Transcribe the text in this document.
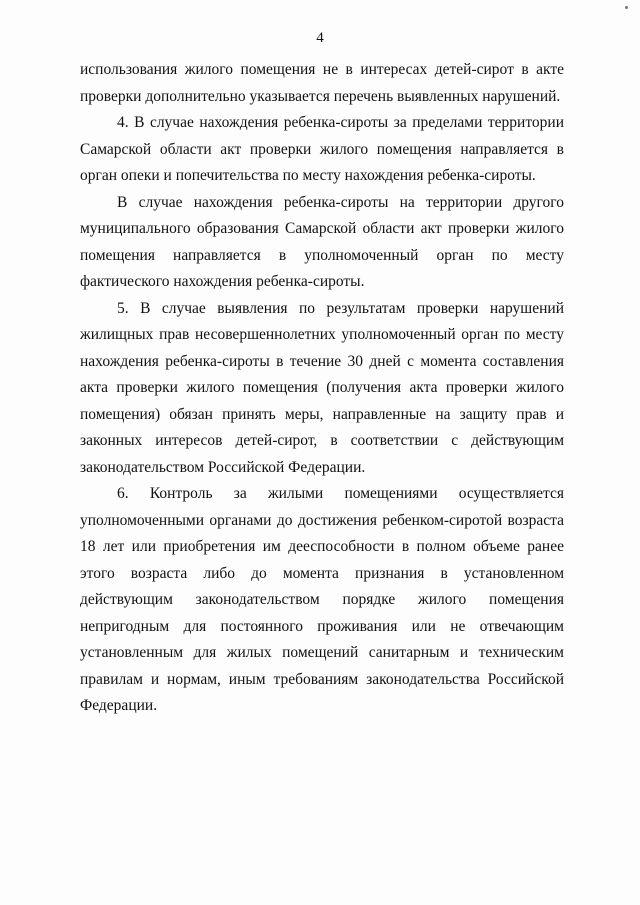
4

использования жилого помещения не в интересах детей-сирот в акте проверки дополнительно указывается перечень выявленных нарушений.

4. В случае нахождения ребенка-сироты за пределами территории Самарской области акт проверки жилого помещения направляется в орган опеки и попечительства по месту нахождения ребенка-сироты.

В случае нахождения ребенка-сироты на территории другого муниципального образования Самарской области акт проверки жилого помещения направляется в уполномоченный орган по месту фактического нахождения ребенка-сироты.

5. В случае выявления по результатам проверки нарушений жилищных прав несовершеннолетних уполномоченный орган по месту нахождения ребенка-сироты в течение 30 дней с момента составления акта проверки жилого помещения (получения акта проверки жилого помещения) обязан принять меры, направленные на защиту прав и законных интересов детей-сирот, в соответствии с действующим законодательством Российской Федерации.

6. Контроль за жилыми помещениями осуществляется уполномоченными органами до достижения ребенком-сиротой возраста 18 лет или приобретения им дееспособности в полном объеме ранее этого возраста либо до момента признания в установленном действующим законодательством порядке жилого помещения непригодным для постоянного проживания или не отвечающим установленным для жилых помещений санитарным и техническим правилам и нормам, иным требованиям законодательства Российской Федерации.
